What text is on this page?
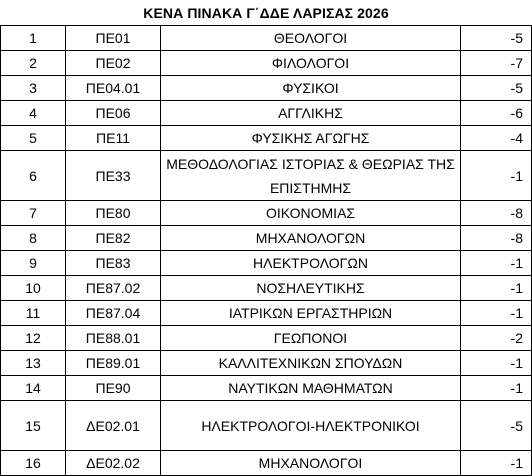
ΚΕΝΑ ΠΙΝΑΚΑ Γ΄ΔΔΕ ΛΑΡΙΣΑΣ 2026
1	ΠΕ01	ΘΕΟΛΟΓΟΙ	-5
2	ΠΕ02	ΦΙΛΟΛΟΓΟΙ	-7
3	ΠΕ04.01	ΦΥΣΙΚΟΙ	-5
4	ΠΕ06	ΑΓΓΛΙΚΗΣ	-6
5	ΠΕ11	ΦΥΣΙΚΗΣ ΑΓΩΓΗΣ	-4
6	ΠΕ33	ΜΕΘΟΔΟΛΟΓΙΑΣ ΙΣΤΟΡΙΑΣ & ΘΕΩΡΙΑΣ ΤΗΣ ΕΠΙΣΤΗΜΗΣ	-1
7	ΠΕ80	ΟΙΚΟΝΟΜΙΑΣ	-8
8	ΠΕ82	ΜΗΧΑΝΟΛΟΓΩΝ	-8
9	ΠΕ83	ΗΛΕΚΤΡΟΛΟΓΩΝ	-1
10	ΠΕ87.02	ΝΟΣΗΛΕΥΤΙΚΗΣ	-1
11	ΠΕ87.04	ΙΑΤΡΙΚΩΝ ΕΡΓΑΣΤΗΡΙΩΝ	-1
12	ΠΕ88.01	ΓΕΩΠΟΝΟΙ	-2
13	ΠΕ89.01	ΚΑΛΛΙΤΕΧΝΙΚΩΝ ΣΠΟΥΔΩΝ	-1
14	ΠΕ90	ΝΑΥΤΙΚΩΝ ΜΑΘΗΜΑΤΩΝ	-1
15	ΔΕ02.01	ΗΛΕΚΤΡΟΛΟΓΟΙ-ΗΛΕΚΤΡΟΝΙΚΟΙ	-5
16	ΔΕ02.02	ΜΗΧΑΝΟΛΟΓΟΙ	-1
